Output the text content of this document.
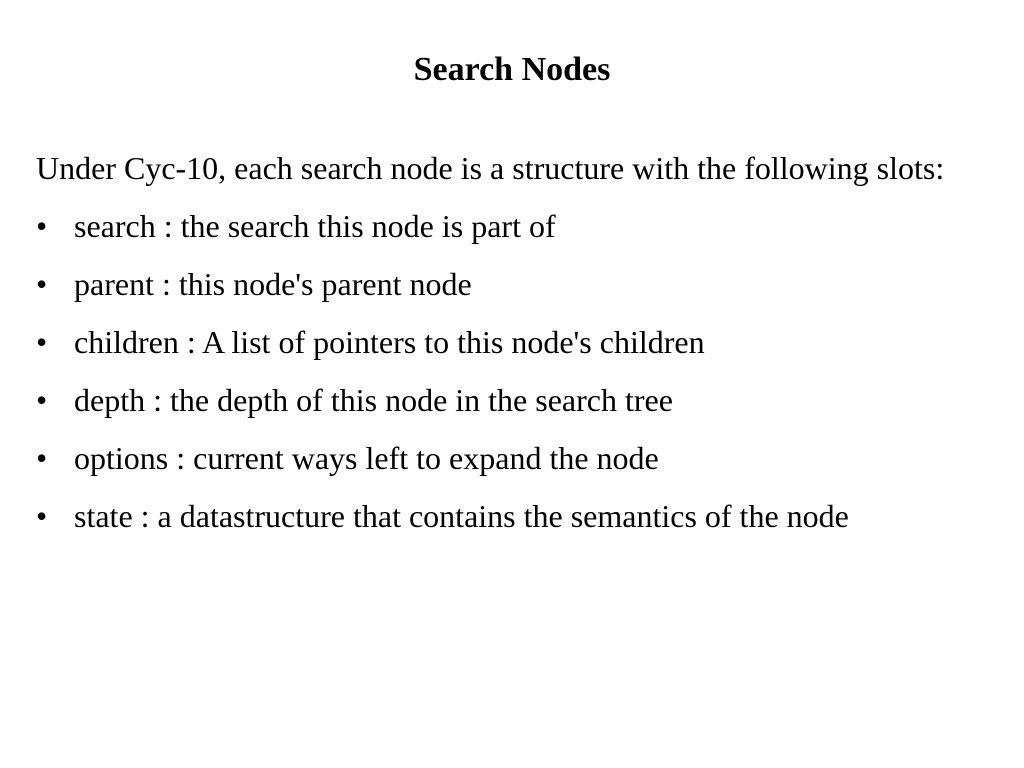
Search Nodes

Under Cyc-10, each search node is a structure with the following slots:

• search : the search this node is part of
• parent : this node's parent node
• children : A list of pointers to this node's children
• depth : the depth of this node in the search tree
• options : current ways left to expand the node
• state : a datastructure that contains the semantics of the node
